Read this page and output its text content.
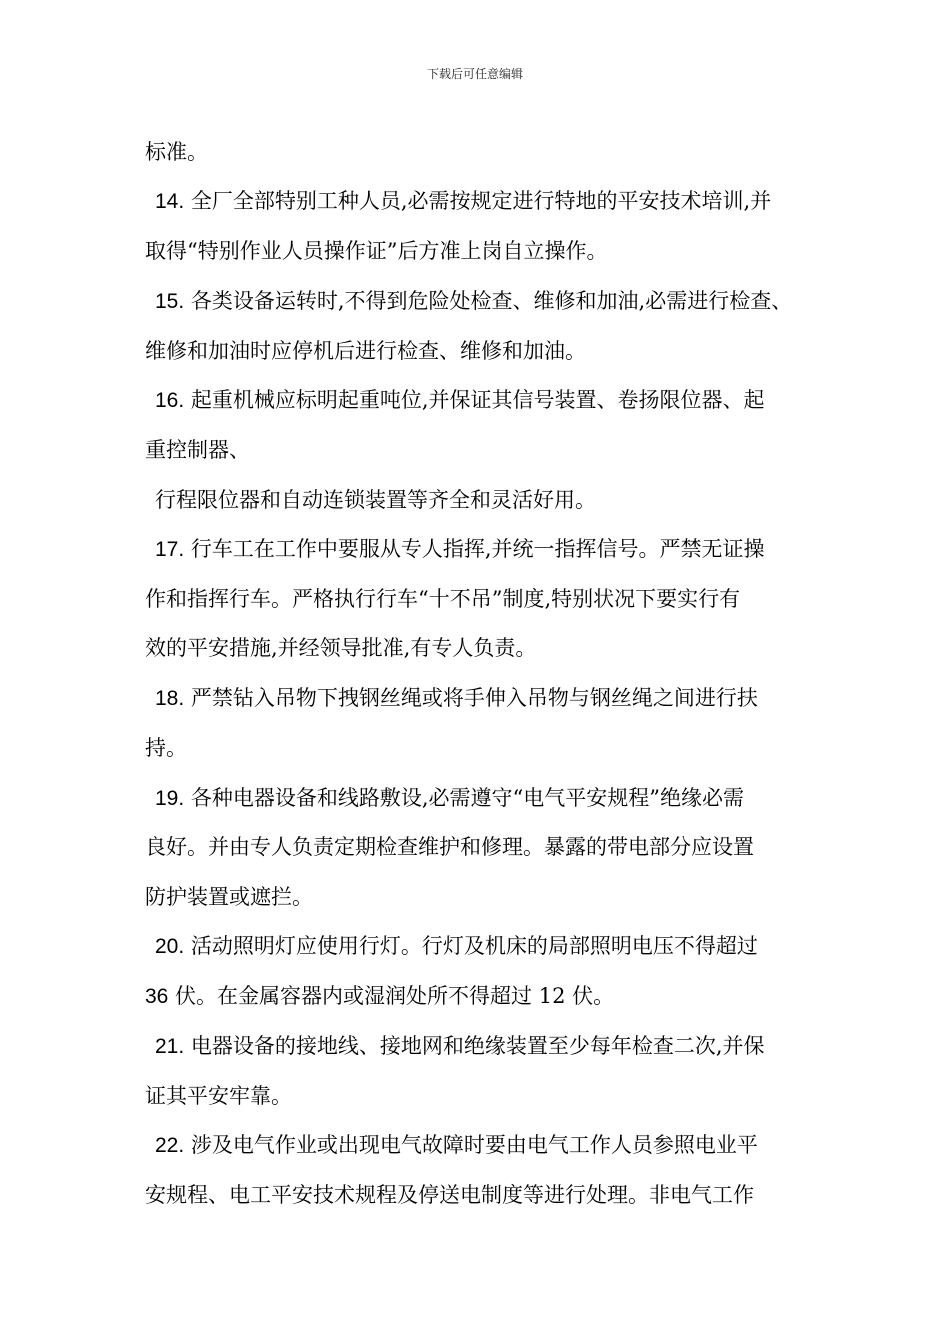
下载后可任意编辑
标准。
14. 全厂全部特别工种人员,必需按规定进行特地的平安技术培训,并
取得“特别作业人员操作证”后方准上岗自立操作。
15. 各类设备运转时,不得到危险处检查、维修和加油,必需进行检查、
维修和加油时应停机后进行检查、维修和加油。
16. 起重机械应标明起重吨位,并保证其信号装置、卷扬限位器、起
重控制器、
行程限位器和自动连锁装置等齐全和灵活好用。
17. 行车工在工作中要服从专人指挥,并统一指挥信号。严禁无证操
作和指挥行车。严格执行行车“十不吊”制度,特别状况下要实行有
效的平安措施,并经领导批准,有专人负责。
18. 严禁钻入吊物下拽钢丝绳或将手伸入吊物与钢丝绳之间进行扶
持。
19. 各种电器设备和线路敷设,必需遵守“电气平安规程”绝缘必需
良好。并由专人负责定期检查维护和修理。暴露的带电部分应设置
防护装置或遮拦。
20. 活动照明灯应使用行灯。行灯及机床的局部照明电压不得超过
36 伏。在金属容器内或湿润处所不得超过 12 伏。
21. 电器设备的接地线、接地网和绝缘装置至少每年检查二次,并保
证其平安牢靠。
22. 涉及电气作业或出现电气故障时要由电气工作人员参照电业平
安规程、电工平安技术规程及停送电制度等进行处理。非电气工作
